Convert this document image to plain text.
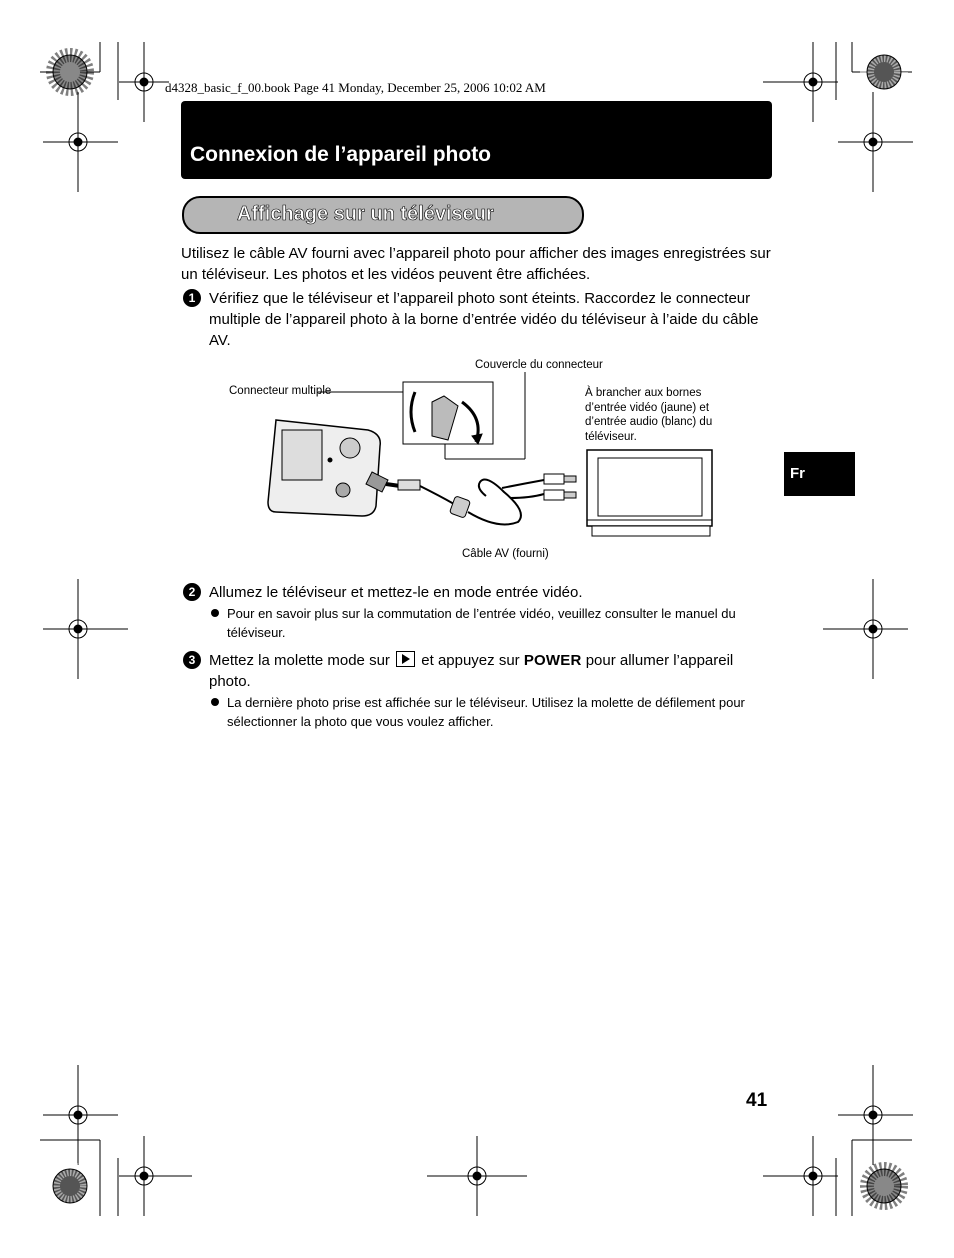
d4328_basic_f_00.book Page 41 Monday, December 25, 2006 10:02 AM
Connexion de l’appareil photo
Affichage sur un téléviseur
Utilisez le câble AV fourni avec l’appareil photo pour afficher des images enregistrées sur un téléviseur. Les photos et les vidéos peuvent être affichées.
1 Vérifiez que le téléviseur et l’appareil photo sont éteints. Raccordez le connecteur multiple de l’appareil photo à la borne d’entrée vidéo du téléviseur à l’aide du câble AV.
Couvercle du connecteur
Connecteur multiple	À brancher aux bornes
d’entrée vidéo (jaune) et
d’entrée audio (blanc) du
téléviseur.
Câble AV (fourni)
2 Allumez le téléviseur et mettez-le en mode entrée vidéo.
Pour en savoir plus sur la commutation de l’entrée vidéo, veuillez consulter le manuel du téléviseur.
3 Mettez la molette mode sur et appuyez sur POWER pour allumer l’appareil photo.
La dernière photo prise est affichée sur le téléviseur. Utilisez la molette de défilement pour sélectionner la photo que vous voulez afficher.
Fr
41
